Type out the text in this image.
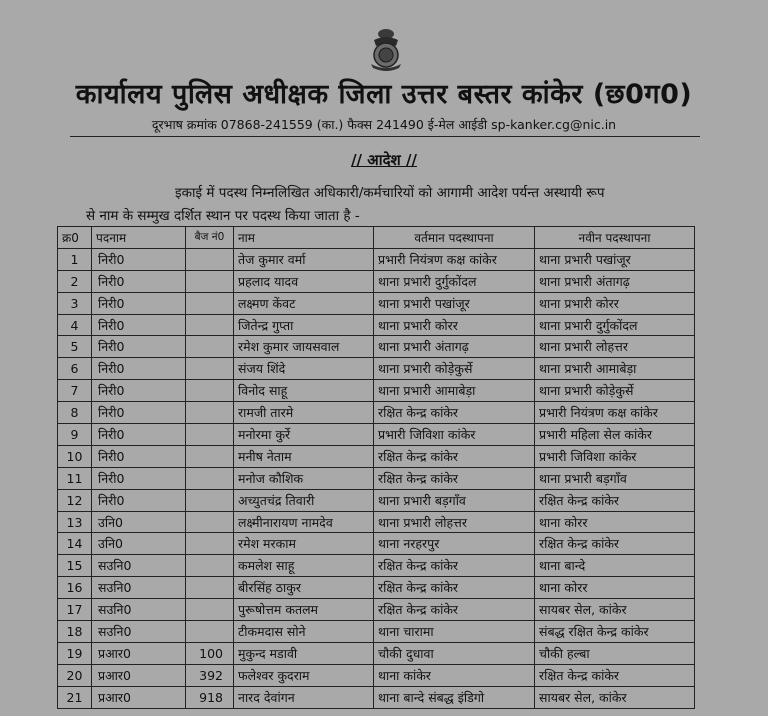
कार्यालय पुलिस अधीक्षक जिला उत्तर बस्तर कांकेर (छ0ग0)
दूरभाष क्रमांक 07868-241559 (का.) फैक्स 241490 ई-मेल आईडी sp-kanker.cg@nic.in
// आदेश //
इकाई में पदस्थ निम्नलिखित अधिकारी/कर्मचारियों को आगामी आदेश पर्यन्त अस्थायी रूप
से नाम के सम्मुख दर्शित स्थान पर पदस्थ किया जाता है -
क्र0	पदनाम	बैज नं0	नाम	वर्तमान पदस्थापना	नवीन पदस्थापना
1	निरी0		तेज कुमार वर्मा	प्रभारी नियंत्रण कक्ष कांकेर	थाना प्रभारी पखांजूर
2	निरी0		प्रहलाद यादव	थाना प्रभारी दुर्गुकोंदल	थाना प्रभारी अंतागढ़
3	निरी0		लक्ष्मण केंवट	थाना प्रभारी पखांजूर	थाना प्रभारी कोरर
4	निरी0		जितेन्द्र गुप्ता	थाना प्रभारी कोरर	थाना प्रभारी दुर्गुकोंदल
5	निरी0		रमेश कुमार जायसवाल	थाना प्रभारी अंतागढ़	थाना प्रभारी लोहत्तर
6	निरी0		संजय शिंदे	थाना प्रभारी कोड़ेकुर्से	थाना प्रभारी आमाबेड़ा
7	निरी0		विनोद साहू	थाना प्रभारी आमाबेड़ा	थाना प्रभारी कोड़ेकुर्से
8	निरी0		रामजी तारमे	रक्षित केन्द्र कांकेर	प्रभारी नियंत्रण कक्ष कांकेर
9	निरी0		मनोरमा कुर्रे	प्रभारी जिविशा कांकेर	प्रभारी महिला सेल कांकेर
10	निरी0		मनीष नेताम	रक्षित केन्द्र कांकेर	प्रभारी जिविशा कांकेर
11	निरी0		मनोज कौशिक	रक्षित केन्द्र कांकेर	थाना प्रभारी बड़गाँव
12	निरी0		अच्युतचंद्र तिवारी	थाना प्रभारी बड़गाँव	रक्षित केन्द्र कांकेर
13	उनि0		लक्ष्मीनारायण नामदेव	थाना प्रभारी लोहत्तर	थाना कोरर
14	उनि0		रमेश मरकाम	थाना नरहरपुर	रक्षित केन्द्र कांकेर
15	सउनि0		कमलेश साहू	रक्षित केन्द्र कांकेर	थाना बान्दे
16	सउनि0		बीरसिंह ठाकुर	रक्षित केन्द्र कांकेर	थाना कोरर
17	सउनि0		पुरूषोत्तम कतलम	रक्षित केन्द्र कांकेर	सायबर सेल, कांकेर
18	सउनि0		टीकमदास सोने	थाना चारामा	संबद्ध रक्षित केन्द्र कांकेर
19	प्रआर0	100	मुकुन्द मडावी	चौकी दुधावा	चौकी हल्बा
20	प्रआर0	392	फलेश्वर कुदराम	थाना कांकेर	रक्षित केन्द्र कांकेर
21	प्रआर0	918	नारद देवांगन	थाना बान्दे संबद्ध इंडिगो	सायबर सेल, कांकेर
